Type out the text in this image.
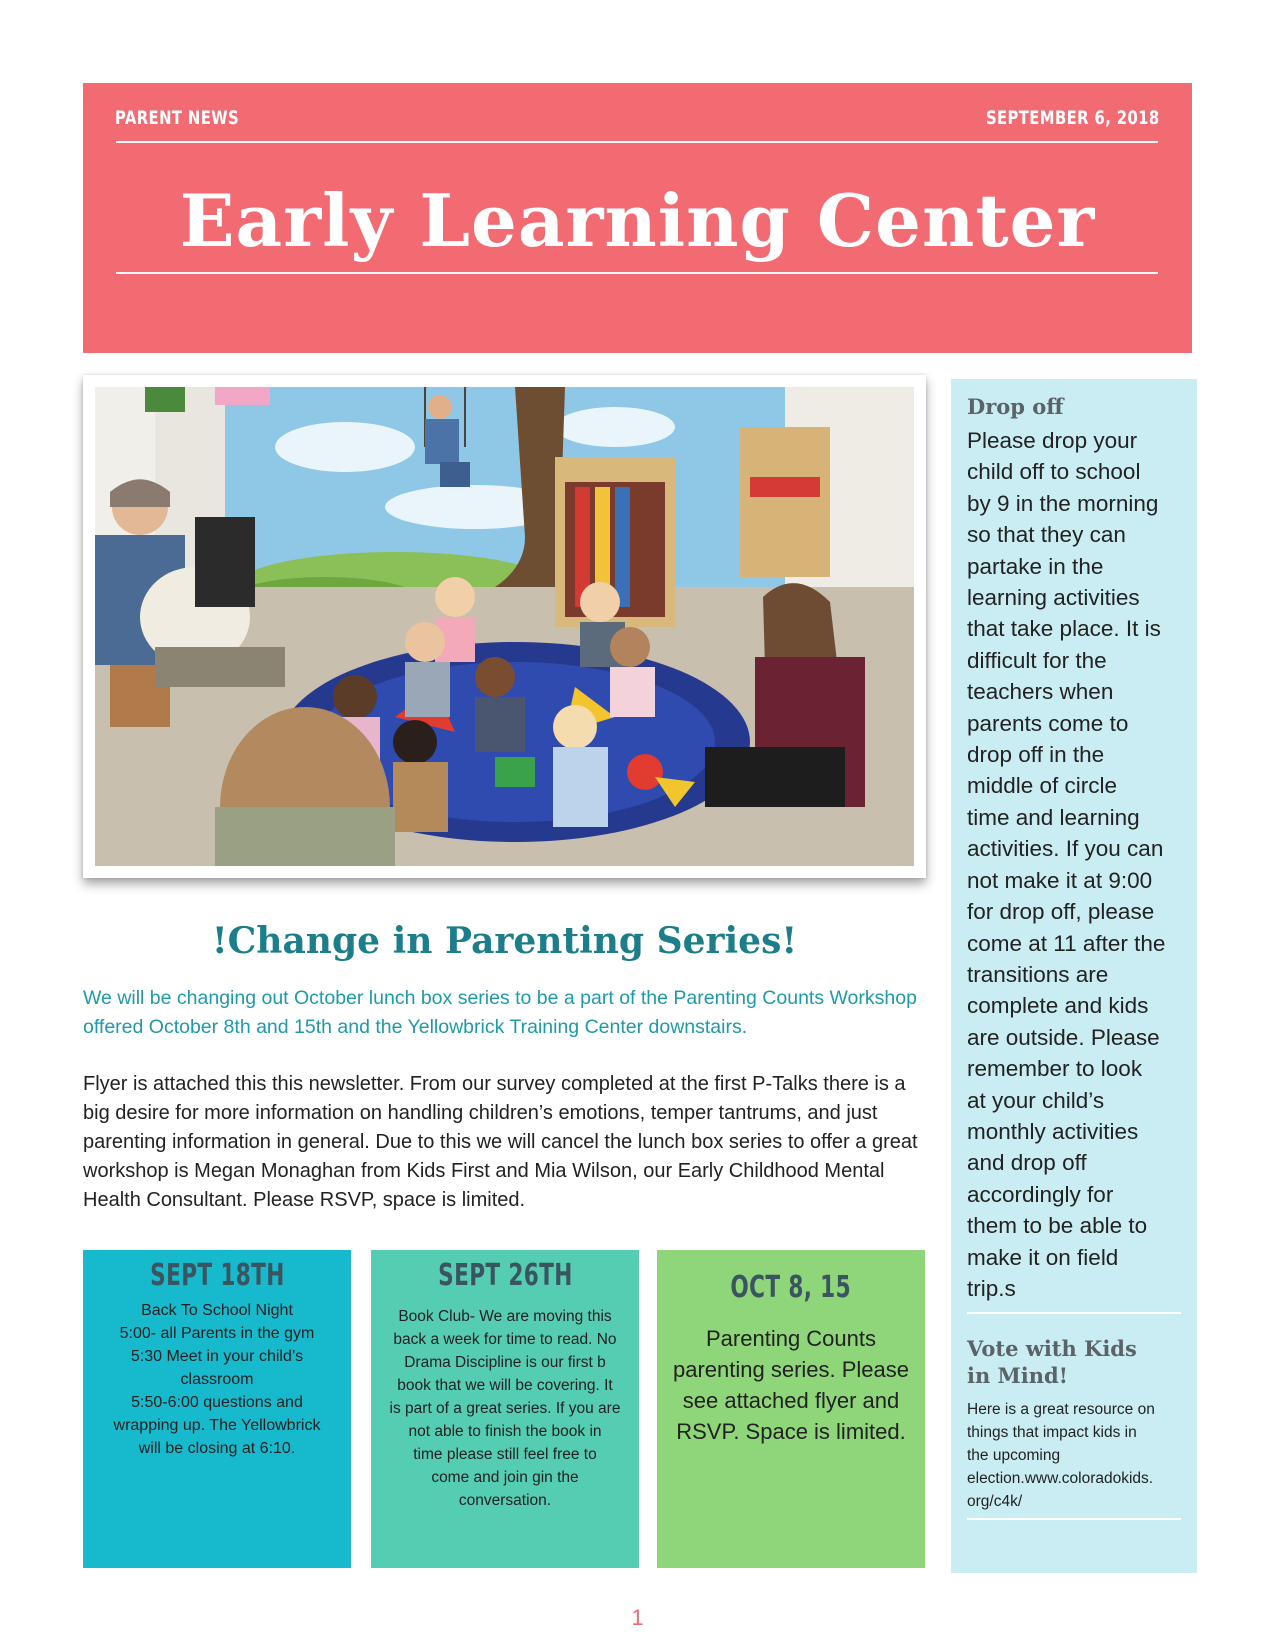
PARENT NEWS	SEPTEMBER 6, 2018
Early Learning Center
!Change in Parenting Series!
We will be changing out October lunch box series to be a part of the Parenting Counts Workshop offered October 8th and 15th and the Yellowbrick Training Center downstairs.
Flyer is attached this this newsletter. From our survey completed at the first P-Talks there is a big desire for more information on handling children’s emotions, temper tantrums, and just parenting information in general. Due to this we will cancel the lunch box series to offer a great workshop is Megan Monaghan from Kids First and Mia Wilson, our Early Childhood Mental Health Consultant. Please RSVP, space is limited.
SEPT 18TH
Back To School Night
5:00- all Parents in the gym
5:30 Meet in your child’s
classroom
5:50-6:00 questions and
wrapping up. The Yellowbrick
will be closing at 6:10.
SEPT 26TH
Book Club- We are moving this
back a week for time to read. No
Drama Discipline is our first b
book that we will be covering. It
is part of a great series. If you are
not able to finish the book in
time please still feel free to
come and join gin the
conversation.
OCT 8, 15
Parenting Counts
parenting series. Please
see attached flyer and
RSVP. Space is limited.
Drop off
Please drop your
child off to school
by 9 in the morning
so that they can
partake in the
learning activities
that take place. It is
difficult for the
teachers when
parents come to
drop off in the
middle of circle
time and learning
activities. If you can
not make it at 9:00
for drop off, please
come at 11 after the
transitions are
complete and kids
are outside. Please
remember to look
at your child’s
monthly activities
and drop off
accordingly for
them to be able to
make it on field
trip.s
Vote with Kids
in Mind!
Here is a great resource on
things that impact kids in
the upcoming
election.www.coloradokids.
org/c4k/
1
